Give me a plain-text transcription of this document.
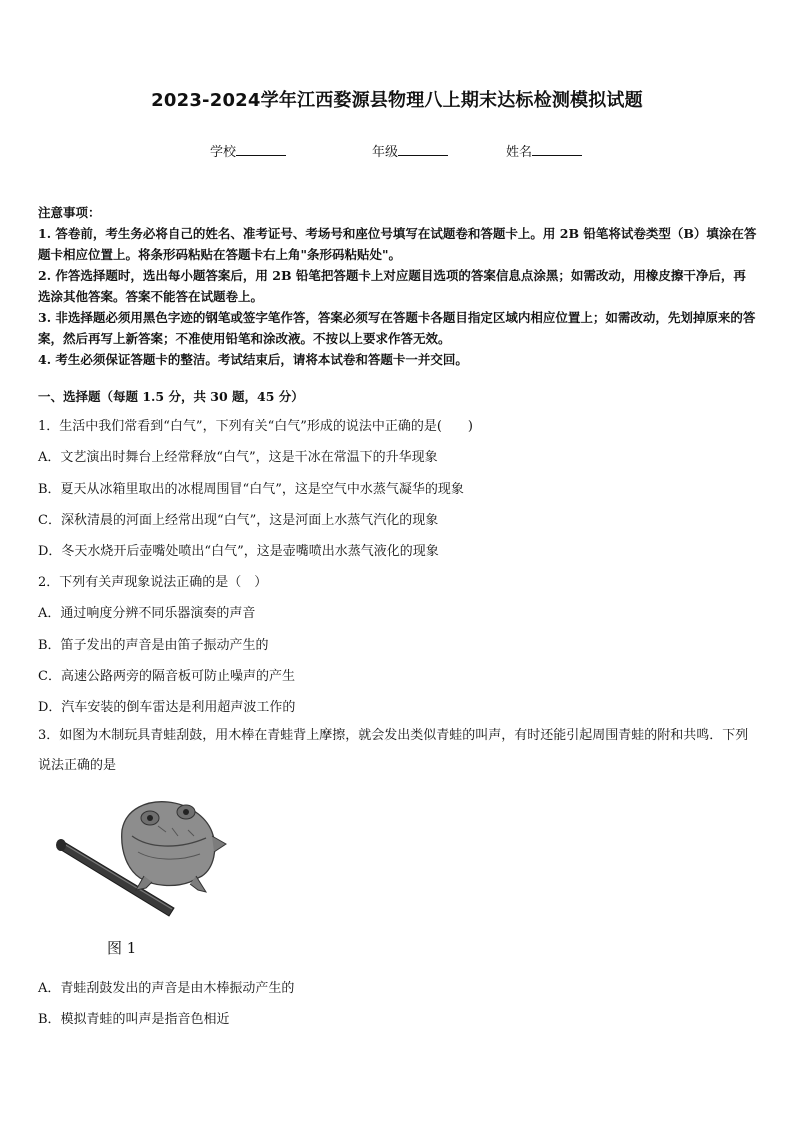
2023-2024学年江西婺源县物理八上期末达标检测模拟试题
学校	年级	姓名

注意事项：

1. 答卷前，考生务必将自己的姓名、准考证号、考场号和座位号填写在试题卷和答题卡上。用 2B 铅笔将试卷类型（B）填涂在答题卡相应位置上。将条形码粘贴在答题卡右上角"条形码粘贴处"。

2. 作答选择题时，选出每小题答案后，用 2B 铅笔把答题卡上对应题目选项的答案信息点涂黑；如需改动，用橡皮擦干净后，再选涂其他答案。答案不能答在试题卷上。

3. 非选择题必须用黑色字迹的钢笔或签字笔作答，答案必须写在答题卡各题目指定区域内相应位置上；如需改动，先划掉原来的答案，然后再写上新答案；不准使用铅笔和涂改液。不按以上要求作答无效。

4. 考生必须保证答题卡的整洁。考试结束后，请将本试卷和答题卡一并交回。

一、选择题（每题 1.5 分，共 30 题，45 分）
1．生活中我们常看到“白气”，下列有关“白气”形成的说法中正确的是(　　)
A．文艺演出时舞台上经常释放“白气”，这是干冰在常温下的升华现象
B．夏天从冰箱里取出的冰棍周围冒“白气”，这是空气中水蒸气凝华的现象
C．深秋清晨的河面上经常出现“白气”，这是河面上水蒸气汽化的现象
D．冬天水烧开后壶嘴处喷出“白气”，这是壶嘴喷出水蒸气液化的现象
2．下列有关声现象说法正确的是（　）
A．通过响度分辨不同乐器演奏的声音
B．笛子发出的声音是由笛子振动产生的
C．高速公路两旁的隔音板可防止噪声的产生
D．汽车安装的倒车雷达是利用超声波工作的
3．如图为木制玩具青蛙刮鼓，用木棒在青蛙背上摩擦，就会发出类似青蛙的叫声，有时还能引起周围青蛙的附和共鸣．下列说法正确的是
图 1
A．青蛙刮鼓发出的声音是由木棒振动产生的
B．模拟青蛙的叫声是指音色相近
